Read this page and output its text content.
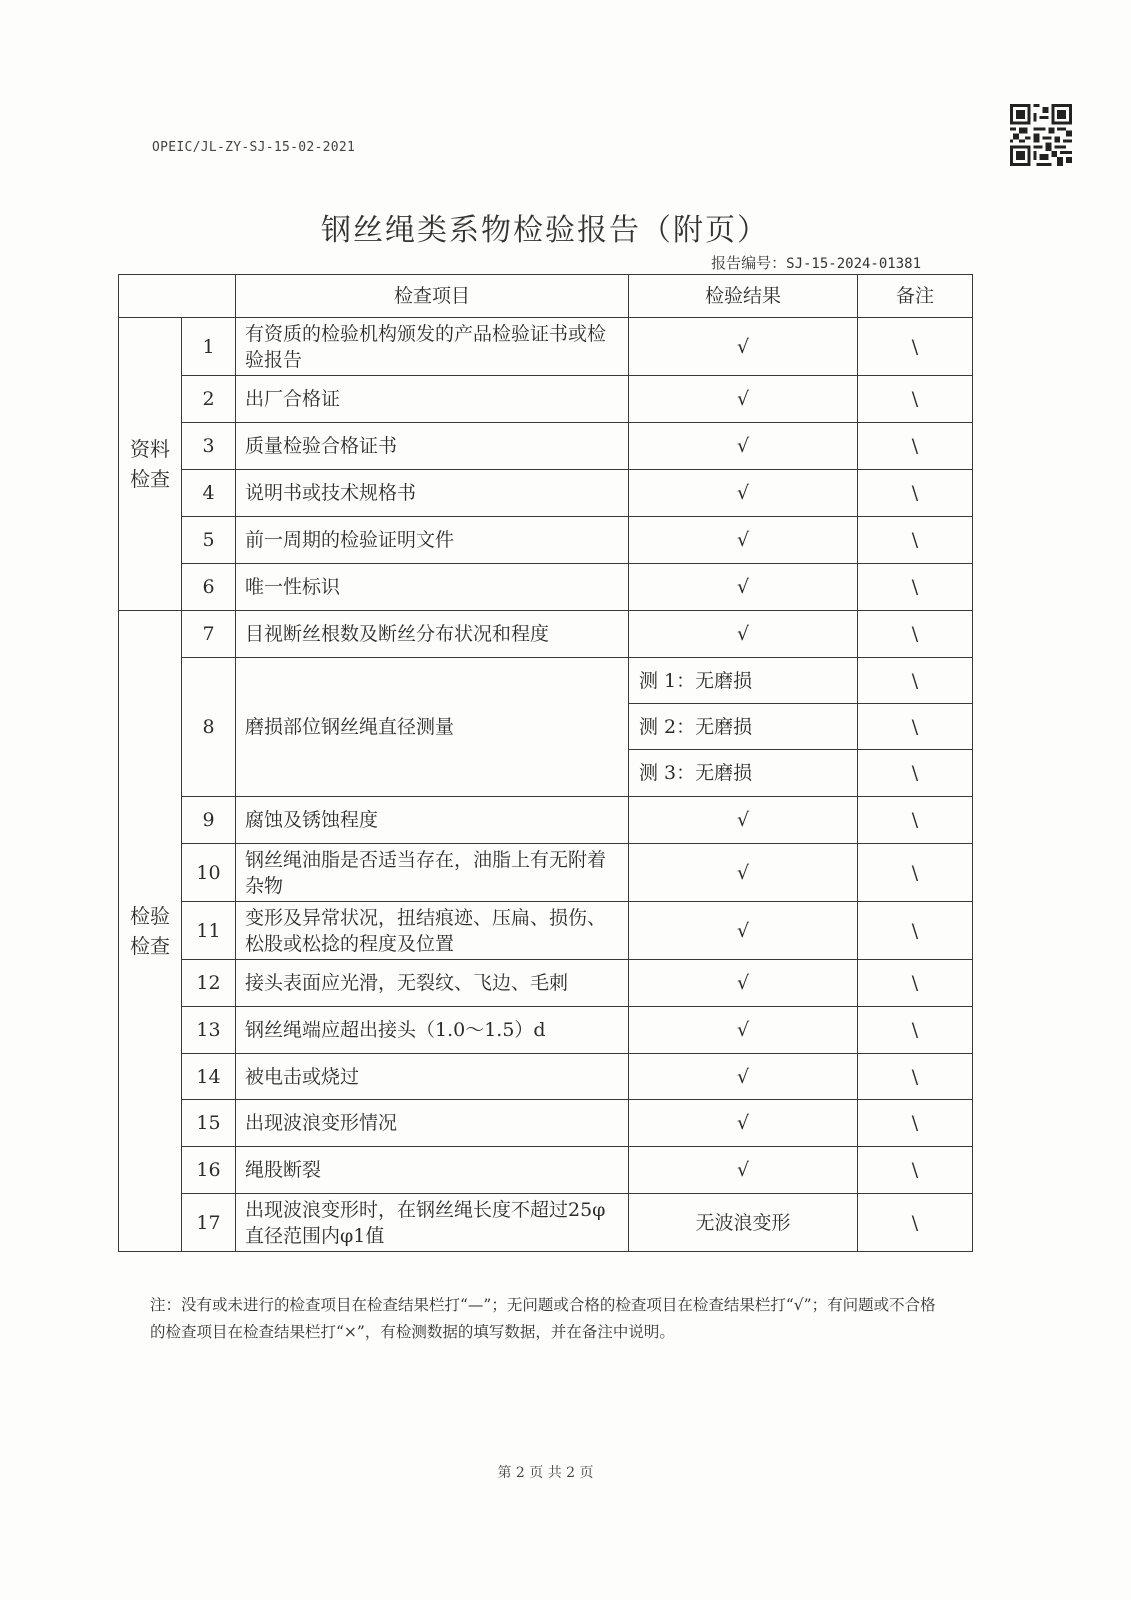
OPEIC/JL-ZY-SJ-15-02-2021
钢丝绳类系物检验报告（附页）
报告编号：SJ-15-2024-01381
		检查项目	检验结果	备注
资料
检查	1	有资质的检验机构颁发的产品检验证书或检验报告	√	\
	2	出厂合格证	√	\
	3	质量检验合格证书	√	\
	4	说明书或技术规格书	√	\
	5	前一周期的检验证明文件	√	\
	6	唯一性标识	√	\
检验
检查	7	目视断丝根数及断丝分布状况和程度	√	\
	8	磨损部位钢丝绳直径测量	测 1：无磨损	\
			测 2：无磨损	\
			测 3：无磨损	\
	9	腐蚀及锈蚀程度	√	\
	10	钢丝绳油脂是否适当存在，油脂上有无附着杂物	√	\
	11	变形及异常状况，扭结痕迹、压扁、损伤、松股或松捻的程度及位置	√	\
	12	接头表面应光滑，无裂纹、飞边、毛刺	√	\
	13	钢丝绳端应超出接头（1.0～1.5）d	√	\
	14	被电击或烧过	√	\
	15	出现波浪变形情况	√	\
	16	绳股断裂	√	\
	17	出现波浪变形时，在钢丝绳长度不超过25φ直径范围内φ1值	无波浪变形	\
注：没有或未进行的检查项目在检查结果栏打“—”；无问题或合格的检查项目在检查结果栏打“√”；有问题或不合格的检查项目在检查结果栏打“×”，有检测数据的填写数据，并在备注中说明。
第 2 页 共 2 页
